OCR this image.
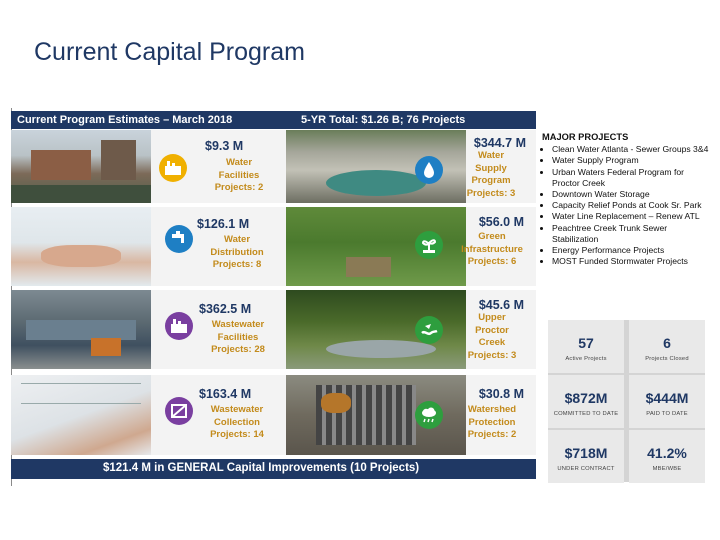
Current Capital Program
Current Program Estimates – March 2018	5-YR Total: $1.26 B; 76 Projects
$9.3 M
Water
Facilities
Projects: 2
$344.7 M
Water
Supply
Program
Projects: 3
$126.1 M
Water
Distribution
Projects: 8
$56.0 M
Green
Infrastructure
Projects: 6
$362.5 M
Wastewater
Facilities
Projects: 28
$45.6 M
Upper
Proctor
Creek
Projects: 3
$163.4 M
Wastewater
Collection
Projects: 14
$30.8 M
Watershed
Protection
Projects: 2
$121.4 M in GENERAL Capital Improvements (10 Projects)
MAJOR PROJECTS
• Clean Water Atlanta - Sewer Groups 3&4
• Water Supply Program
• Urban Waters Federal Program for Proctor Creek
• Downtown Water Storage
• Capacity Relief Ponds at Cook Sr. Park
• Water Line Replacement – Renew ATL
• Peachtree Creek Trunk Sewer Stabilization
• Energy Performance Projects
• MOST Funded Stormwater Projects
57
Active Projects
6
Projects Closed
$872M
COMMITTED TO DATE
$444M
PAID TO DATE
$718M
UNDER CONTRACT
41.2%
MBE/WBE
